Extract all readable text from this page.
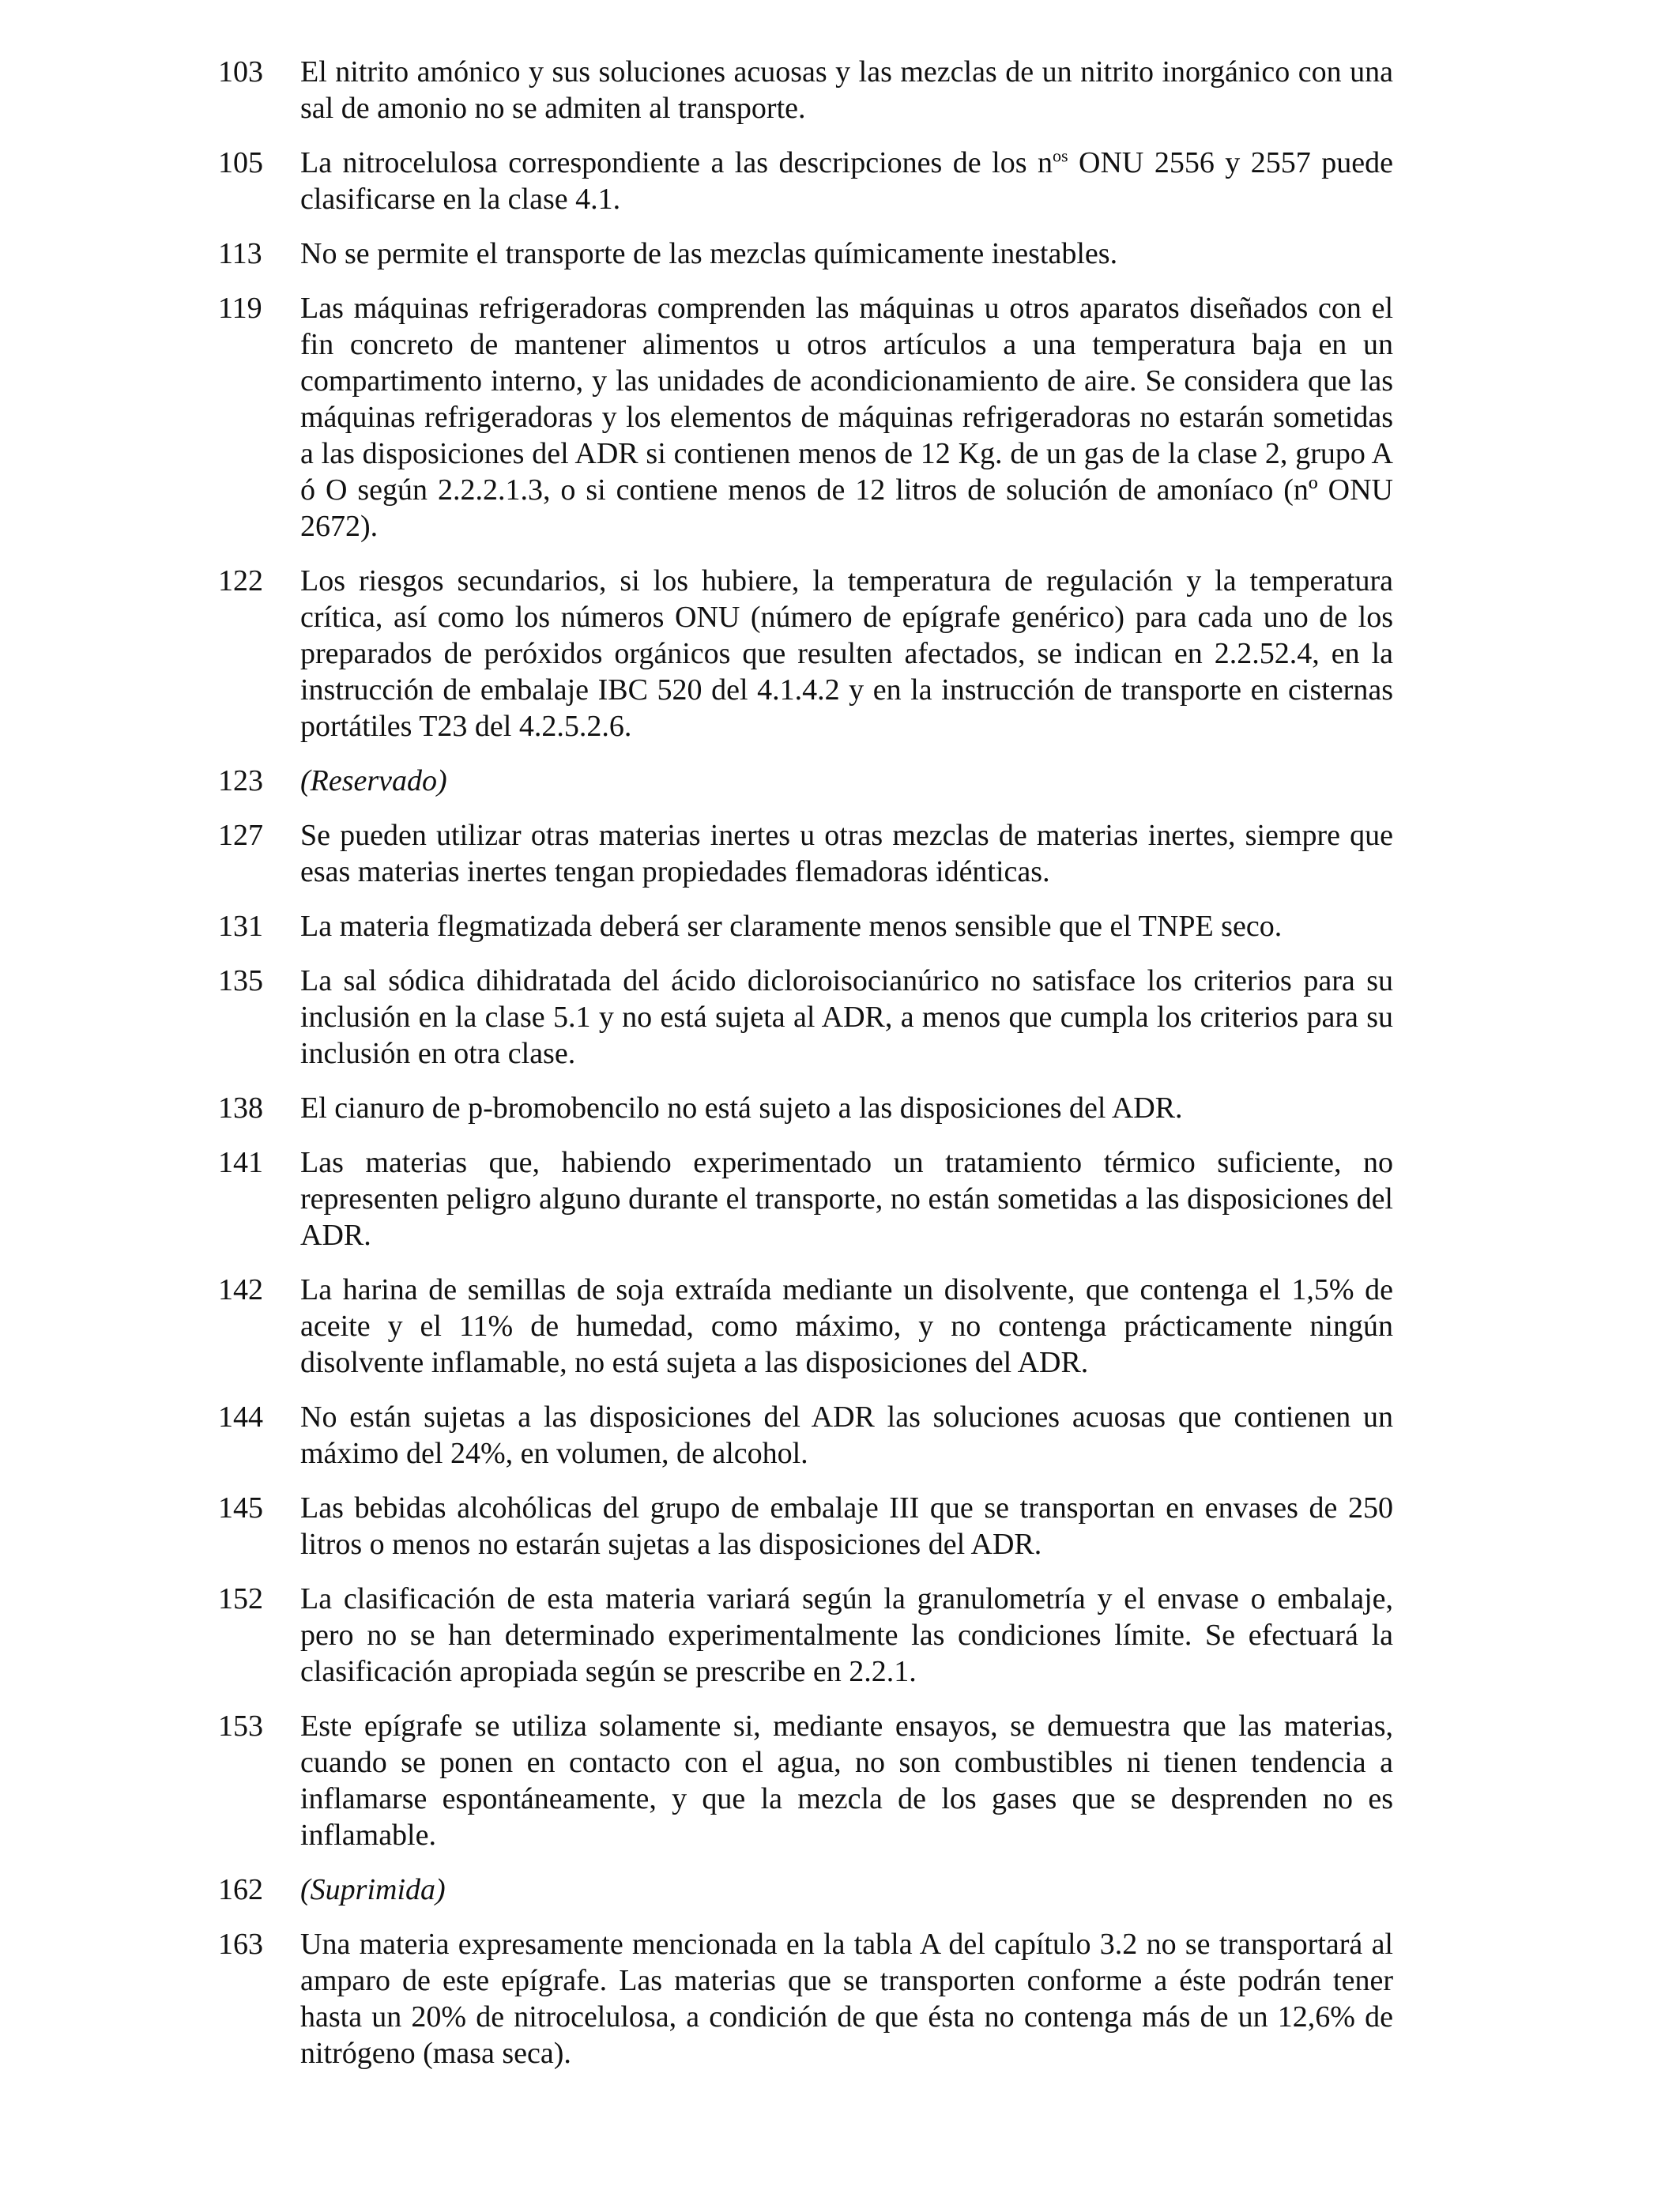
103	El nitrito amónico y sus soluciones acuosas y las mezclas de un nitrito inorgánico con una sal de amonio no se admiten al transporte.
105	La nitrocelulosa correspondiente a las descripciones de los $n^{os}$ ONU 2556 y 2557 puede clasificarse en la clase 4.1.
113	No se permite el transporte de las mezclas químicamente inestables.
119	Las máquinas refrigeradoras comprenden las máquinas u otros aparatos diseñados con el fin concreto de mantener alimentos u otros artículos a una temperatura baja en un compartimento interno, y las unidades de acondicionamiento de aire. Se considera que las máquinas refrigeradoras y los elementos de máquinas refrigeradoras no estarán sometidas a las disposiciones del ADR si contienen menos de 12 Kg. de un gas de la clase 2, grupo A ó O según 2.2.2.1.3, o si contiene menos de 12 litros de solución de amoníaco (nº ONU 2672).
122	Los riesgos secundarios, si los hubiere, la temperatura de regulación y la temperatura crítica, así como los números ONU (número de epígrafe genérico) para cada uno de los preparados de peróxidos orgánicos que resulten afectados, se indican en 2.2.52.4, en la instrucción de embalaje IBC 520 del 4.1.4.2 y en la instrucción de transporte en cisternas portátiles T23 del 4.2.5.2.6.
123	(Reservado)
127	Se pueden utilizar otras materias inertes u otras mezclas de materias inertes, siempre que esas materias inertes tengan propiedades flemadoras idénticas.
131	La materia flegmatizada deberá ser claramente menos sensible que el TNPE seco.
135	La sal sódica dihidratada del ácido dicloroisocianúrico no satisface los criterios para su inclusión en la clase 5.1 y no está sujeta al ADR, a menos que cumpla los criterios para su inclusión en otra clase.
138	El cianuro de p-bromobencilo no está sujeto a las disposiciones del ADR.
141	Las materias que, habiendo experimentado un tratamiento térmico suficiente, no representen peligro alguno durante el transporte, no están sometidas a las disposiciones del ADR.
142	La harina de semillas de soja extraída mediante un disolvente, que contenga el 1,5% de aceite y el 11% de humedad, como máximo, y no contenga prácticamente ningún disolvente inflamable, no está sujeta a las disposiciones del ADR.
144	No están sujetas a las disposiciones del ADR las soluciones acuosas que contienen un máximo del 24%, en volumen, de alcohol.
145	Las bebidas alcohólicas del grupo de embalaje III que se transportan en envases de 250 litros o menos no estarán sujetas a las disposiciones del ADR.
152	La clasificación de esta materia variará según la granulometría y el envase o embalaje, pero no se han determinado experimentalmente las condiciones límite. Se efectuará la clasificación apropiada según se prescribe en 2.2.1.
153	Este epígrafe se utiliza solamente si, mediante ensayos, se demuestra que las materias, cuando se ponen en contacto con el agua, no son combustibles ni tienen tendencia a inflamarse espontáneamente, y que la mezcla de los gases que se desprenden no es inflamable.
162	(Suprimida)
163	Una materia expresamente mencionada en la tabla A del capítulo 3.2 no se transportará al amparo de este epígrafe. Las materias que se transporten conforme a éste podrán tener hasta un 20% de nitrocelulosa, a condición de que ésta no contenga más de un 12,6% de nitrógeno (masa seca).
